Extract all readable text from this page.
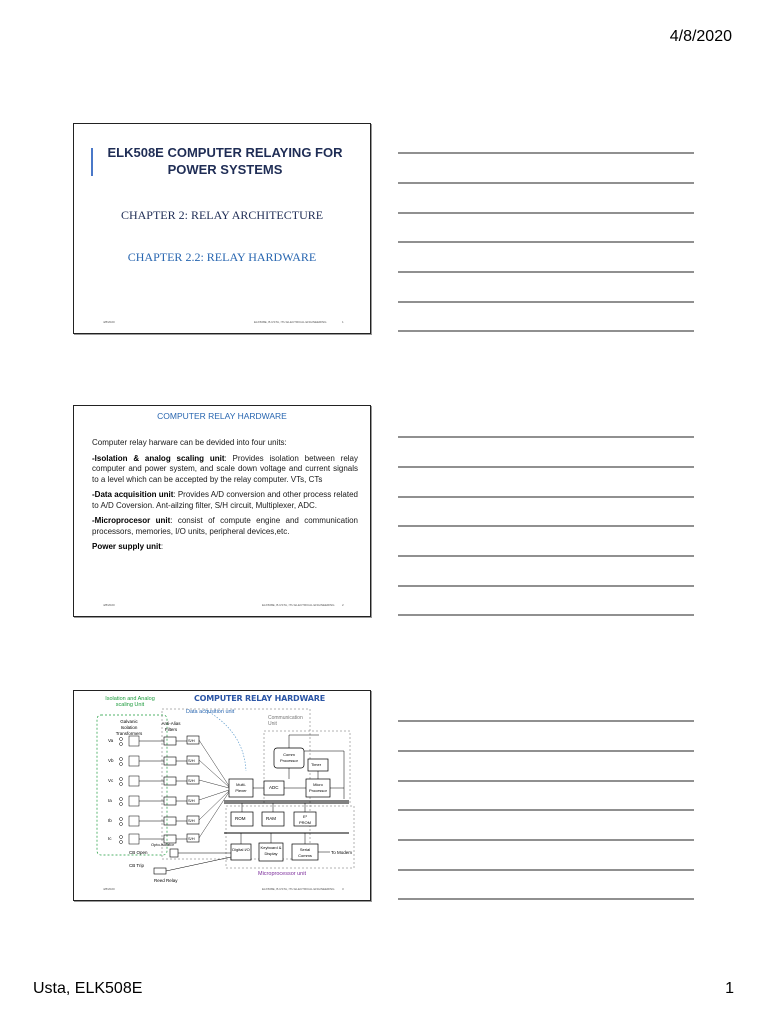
4/8/2020
ELK508E COMPUTER RELAYING FOR POWER SYSTEMS
CHAPTER 2: RELAY ARCHITECTURE
CHAPTER 2.2: RELAY HARDWARE
4/8/2020	ELK508E, B.USTA, ITU ELECTRICAL ENGINEERING	1
COMPUTER RELAY HARDWARE

Computer relay harware can be devided into four units:

-Isolation & analog scaling unit: Provides isolation between relay computer and power system, and scale down voltage and current signals to a level which can be accepted by the relay computer. VTs, CTs

-Data acquisition unit: Provides A/D conversion and other process related to A/D Coversion. Ant-ailzing filter, S/H circuit, Multiplexer, ADC.

-Microprocesor unit: consist of compute engine and communication processors, memories, I/O units, peripheral devices,etc.

Power supply unit:

4/8/2020	ELK508E, B.USTA, ITU ELECTRICAL ENGINEERING 2
COMPUTER RELAY HARDWARE
Isolation and Analog scaling Unit
Data acqusition unit
Communication Unit
Galvanic Isolation Transformers
Anti-Alias Filters
Va
Vb
Vc
Ia
Ib
Ic
S/H
S/H
S/H
S/H
S/H
S/H
Multi-Plexer
ADC
Comm Processor
Timer
Micro Processor
ROM	RAM	E² PROM
Digital I/O	Keyboard & Display
Serial Comms
To Modem
Microprocessor unit
Opto-isolator
CB Open
CB Trip
Reed Relay
4/8/2020	ELK508E, B.USTA, ITU ELECTRICAL ENGINEERING 3
Usta, ELK508E	1
